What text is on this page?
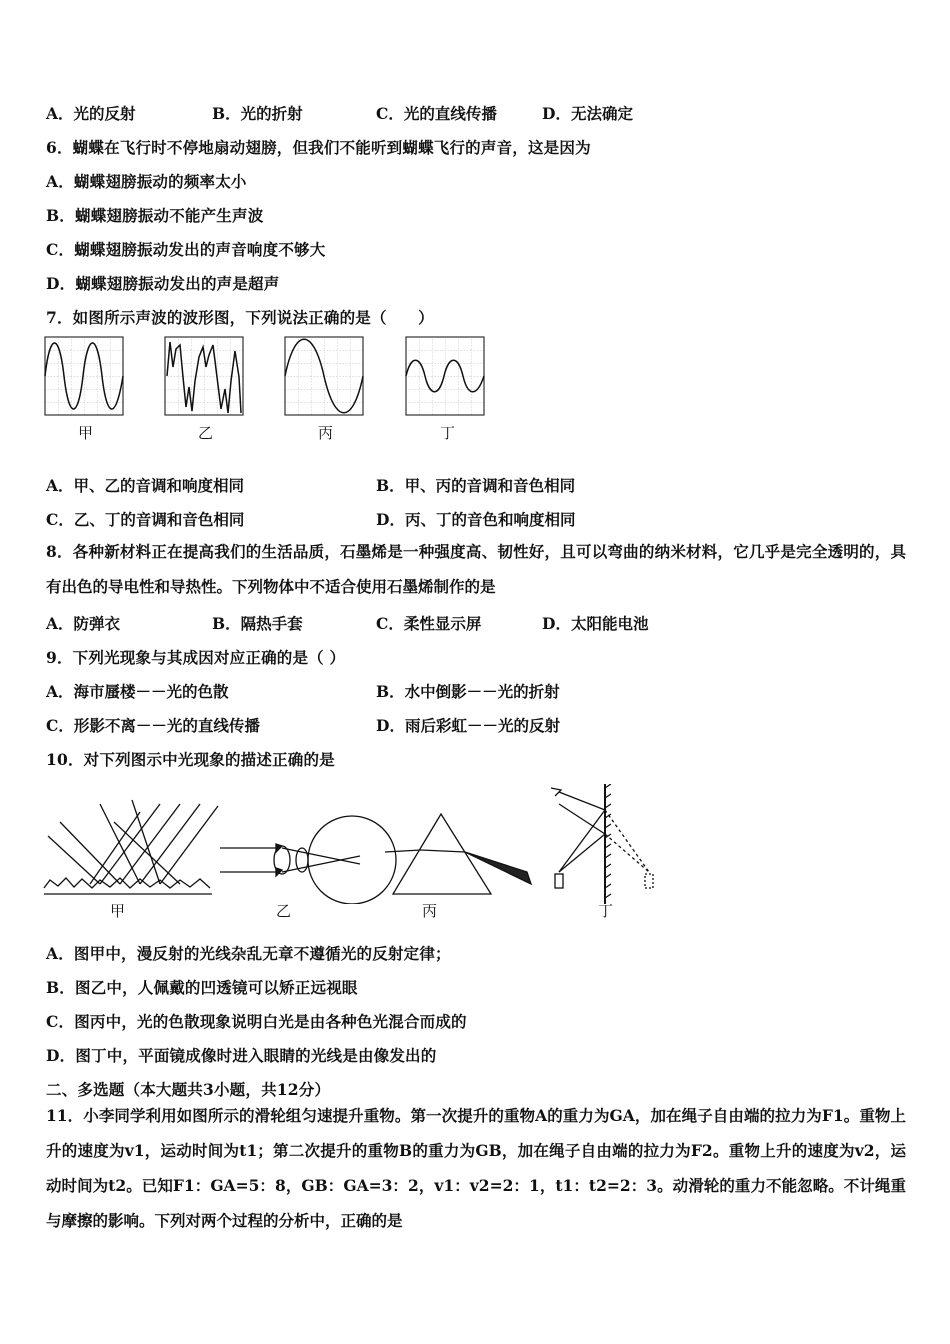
A．光的反射	B．光的折射	C．光的直线传播	D．无法确定
6．蝴蝶在飞行时不停地扇动翅膀，但我们不能听到蝴蝶飞行的声音，这是因为
A．蝴蝶翅膀振动的频率太小
B．蝴蝶翅膀振动不能产生声波
C．蝴蝶翅膀振动发出的声音响度不够大
D．蝴蝶翅膀振动发出的声是超声
7．如图所示声波的波形图，下列说法正确的是（　　）
甲	乙	丙	丁
A．甲、乙的音调和响度相同	B．甲、丙的音调和音色相同
C．乙、丁的音调和音色相同	D．丙、丁的音色和响度相同
8．各种新材料正在提高我们的生活品质，石墨烯是一种强度高、韧性好，且可以弯曲的纳米材料，它几乎是完全透明的，具有出色的导电性和导热性。下列物体中不适合使用石墨烯制作的是
A．防弹衣	B．隔热手套	C．柔性显示屏	D．太阳能电池
9．下列光现象与其成因对应正确的是（ ）
A．海市蜃楼－－光的色散	B．水中倒影－－光的折射
C．形影不离－－光的直线传播	D．雨后彩虹－－光的反射
10．对下列图示中光现象的描述正确的是
甲	乙	丙	丁
A．图甲中，漫反射的光线杂乱无章不遵循光的反射定律；
B．图乙中，人佩戴的凹透镜可以矫正远视眼
C．图丙中，光的色散现象说明白光是由各种色光混合而成的
D．图丁中，平面镜成像时进入眼睛的光线是由像发出的
二、多选题（本大题共3小题，共12分）
11．小李同学利用如图所示的滑轮组匀速提升重物。第一次提升的重物A的重力为GA，加在绳子自由端的拉力为F1。重物上升的速度为v1，运动时间为t1；第二次提升的重物B的重力为GB，加在绳子自由端的拉力为F2。重物上升的速度为v2，运动时间为t2。已知F1：GA=5：8，GB：GA=3：2，v1：v2=2：1，t1：t2=2：3。动滑轮的重力不能忽略。不计绳重与摩擦的影响。下列对两个过程的分析中，正确的是
